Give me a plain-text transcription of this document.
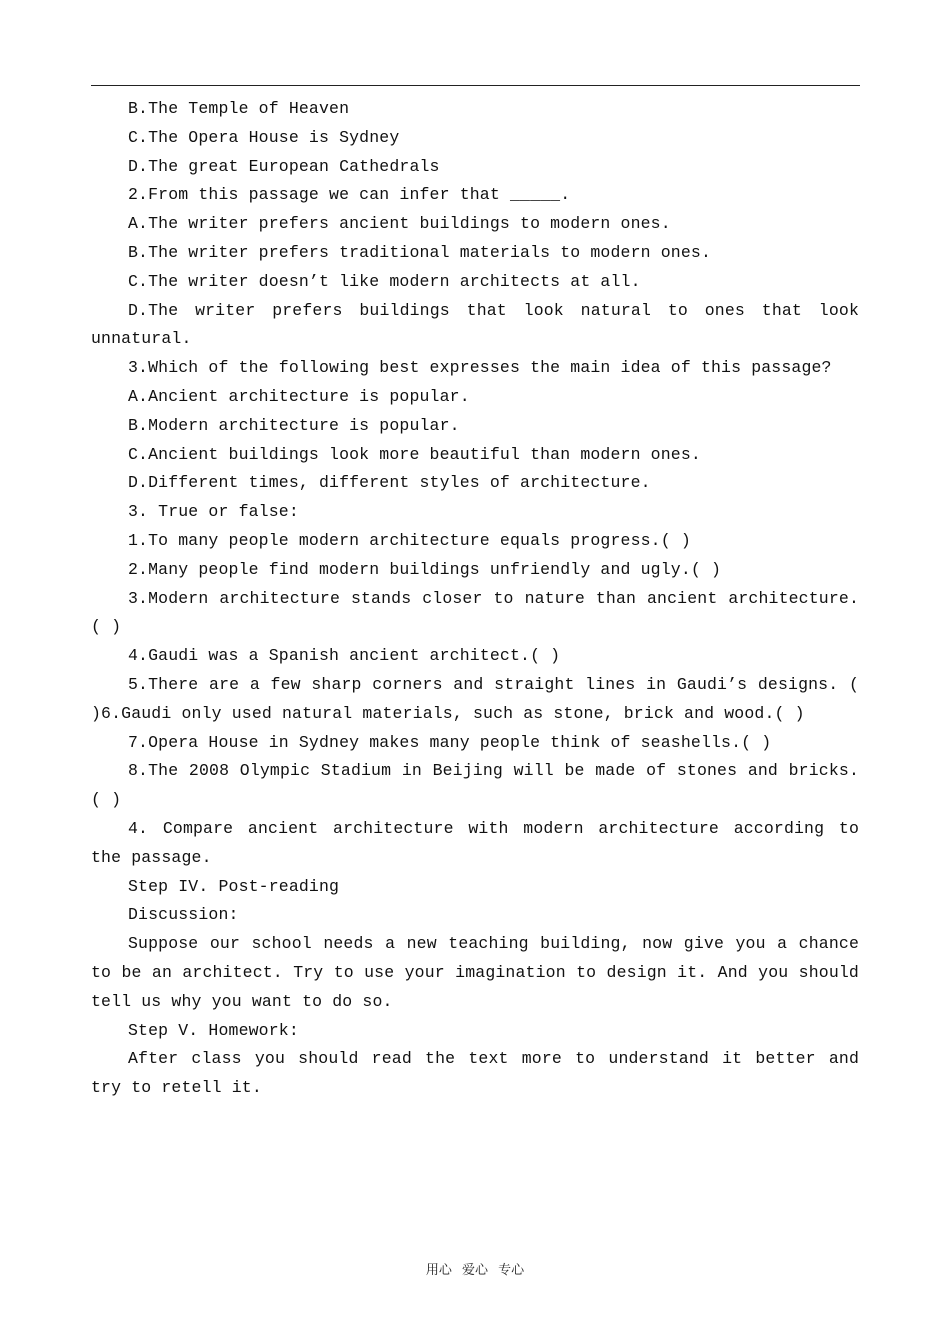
B.The Temple of Heaven

C.The Opera House is Sydney

D.The great European Cathedrals

2.From this passage we can infer that _____.

A.The writer prefers ancient buildings to modern ones.

B.The writer prefers traditional materials to modern ones.

C.The writer doesn’t like modern architects at all.

D.The writer prefers buildings that look natural to ones that look unnatural.

3.Which of the following best expresses the main idea of this passage?

A.Ancient architecture is popular.

B.Modern architecture is popular.

C.Ancient buildings look more beautiful than modern ones.

D.Different times, different styles of architecture.

3. True or false:

1.To many people modern architecture equals progress.( )

2.Many people find modern buildings unfriendly and ugly.( )

3.Modern architecture stands closer to nature than ancient architecture.( )

4.Gaudi was a Spanish ancient architect.( )

5.There are a few sharp corners and straight lines in Gaudi’s designs. ( )6.Gaudi only used natural materials, such as stone, brick and wood.( )

7.Opera House in Sydney makes many people think of seashells.( )

8.The 2008 Olympic Stadium in Beijing will be made of stones and bricks.( )

4. Compare ancient architecture with modern architecture according to the passage.

Step IV. Post-reading

Discussion:

Suppose our school needs a new teaching building, now give you a chance to be an architect. Try to use your imagination to design it. And you should tell us why you want to do so.

Step V. Homework:

After class you should read the text more to understand it better and try to retell it.

用心 爱心 专心
